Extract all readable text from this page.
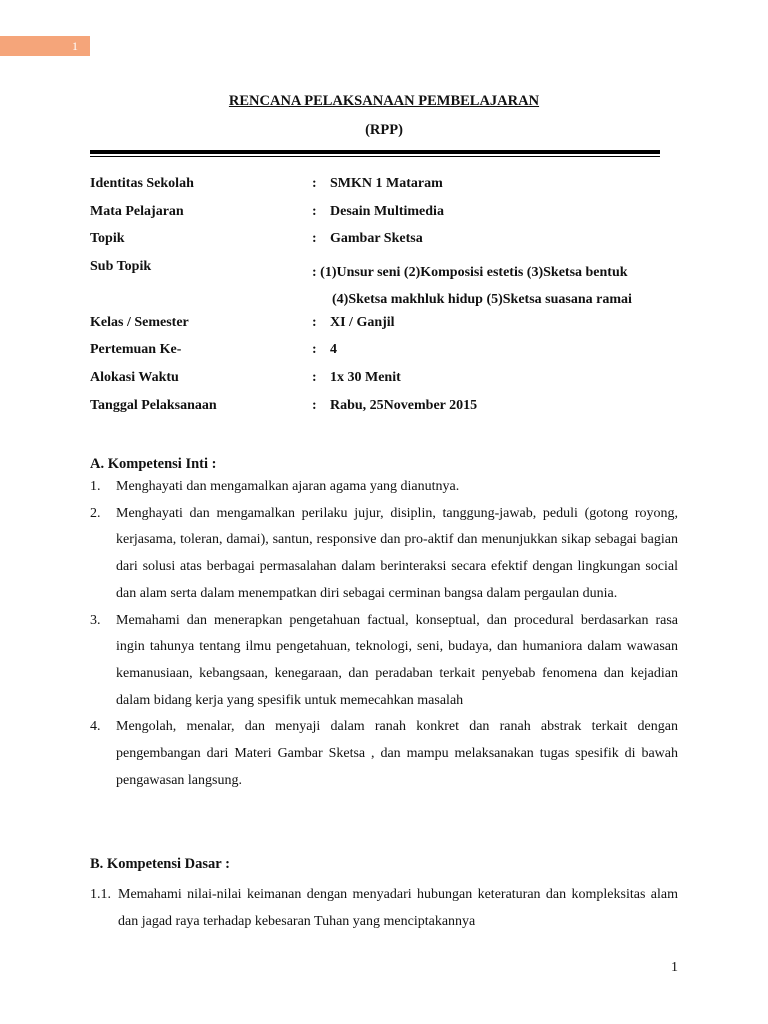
1
RENCANA PELAKSANAAN PEMBELAJARAN
(RPP)
Identitas Sekolah	: SMKN 1 Mataram
Mata Pelajaran	: Desain Multimedia
Topik	: Gambar Sketsa
Sub Topik	: (1)Unsur seni (2)Komposisi estetis (3)Sketsa bentuk
(4)Sketsa makhluk hidup (5)Sketsa suasana ramai
Kelas / Semester	: XI / Ganjil
Pertemuan Ke-	: 4
Alokasi Waktu	: 1x 30 Menit
Tanggal Pelaksanaan	: Rabu, 25November 2015
A. Kompetensi Inti :
1. Menghayati dan mengamalkan ajaran agama yang dianutnya.
2. Menghayati dan mengamalkan perilaku jujur, disiplin, tanggung-jawab, peduli (gotong royong, kerjasama, toleran, damai), santun, responsive dan pro-aktif dan menunjukkan sikap sebagai bagian dari solusi atas berbagai permasalahan dalam berinteraksi secara efektif dengan lingkungan social dan alam serta dalam menempatkan diri sebagai cerminan bangsa dalam pergaulan dunia.
3. Memahami dan menerapkan pengetahuan factual, konseptual, dan procedural berdasarkan rasa ingin tahunya tentang ilmu pengetahuan, teknologi, seni, budaya, dan humaniora dalam wawasan kemanusiaan, kebangsaan, kenegaraan, dan peradaban terkait penyebab fenomena dan kejadian dalam bidang kerja yang spesifik untuk memecahkan masalah
4. Mengolah, menalar, dan menyaji dalam ranah konkret dan ranah abstrak terkait dengan pengembangan dari Materi Gambar Sketsa , dan mampu melaksanakan tugas spesifik di bawah pengawasan langsung.
B. Kompetensi Dasar :
1.1. Memahami nilai-nilai keimanan dengan menyadari hubungan keteraturan dan kompleksitas alam dan jagad raya terhadap kebesaran Tuhan yang menciptakannya
1
